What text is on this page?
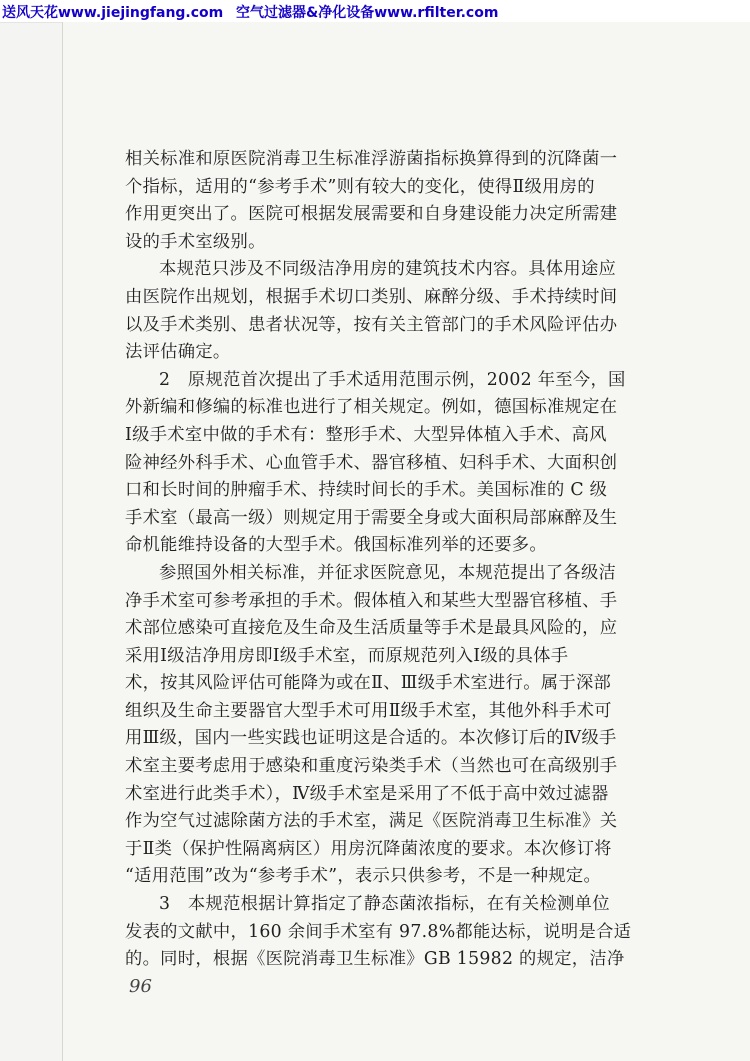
送风天花www.jiejingfang.com 空气过滤器&净化设备www.rfilter.com
相关标准和原医院消毒卫生标准浮游菌指标换算得到的沉降菌一
个指标，适用的“参考手术”则有较大的变化，使得Ⅱ级用房的
作用更突出了。医院可根据发展需要和自身建设能力决定所需建
设的手术室级别。
本规范只涉及不同级洁净用房的建筑技术内容。具体用途应
由医院作出规划，根据手术切口类别、麻醉分级、手术持续时间
以及手术类别、患者状况等，按有关主管部门的手术风险评估办
法评估确定。
2　原规范首次提出了手术适用范围示例，2002 年至今，国
外新编和修编的标准也进行了相关规定。例如，德国标准规定在
Ⅰ级手术室中做的手术有：整形手术、大型异体植入手术、高风
险神经外科手术、心血管手术、器官移植、妇科手术、大面积创
口和长时间的肿瘤手术、持续时间长的手术。美国标准的 C 级
手术室（最高一级）则规定用于需要全身或大面积局部麻醉及生
命机能维持设备的大型手术。俄国标准列举的还要多。
参照国外相关标准，并征求医院意见，本规范提出了各级洁
净手术室可参考承担的手术。假体植入和某些大型器官移植、手
术部位感染可直接危及生命及生活质量等手术是最具风险的，应
采用Ⅰ级洁净用房即Ⅰ级手术室，而原规范列入Ⅰ级的具体手
术，按其风险评估可能降为或在Ⅱ、Ⅲ级手术室进行。属于深部
组织及生命主要器官大型手术可用Ⅱ级手术室，其他外科手术可
用Ⅲ级，国内一些实践也证明这是合适的。本次修订后的Ⅳ级手
术室主要考虑用于感染和重度污染类手术（当然也可在高级别手
术室进行此类手术），Ⅳ级手术室是采用了不低于高中效过滤器
作为空气过滤除菌方法的手术室，满足《医院消毒卫生标准》关
于Ⅱ类（保护性隔离病区）用房沉降菌浓度的要求。本次修订将
“适用范围”改为“参考手术”，表示只供参考，不是一种规定。
3　本规范根据计算指定了静态菌浓指标，在有关检测单位
发表的文献中，160 余间手术室有 97.8%都能达标，说明是合适
的。同时，根据《医院消毒卫生标准》GB 15982 的规定，洁净
96
